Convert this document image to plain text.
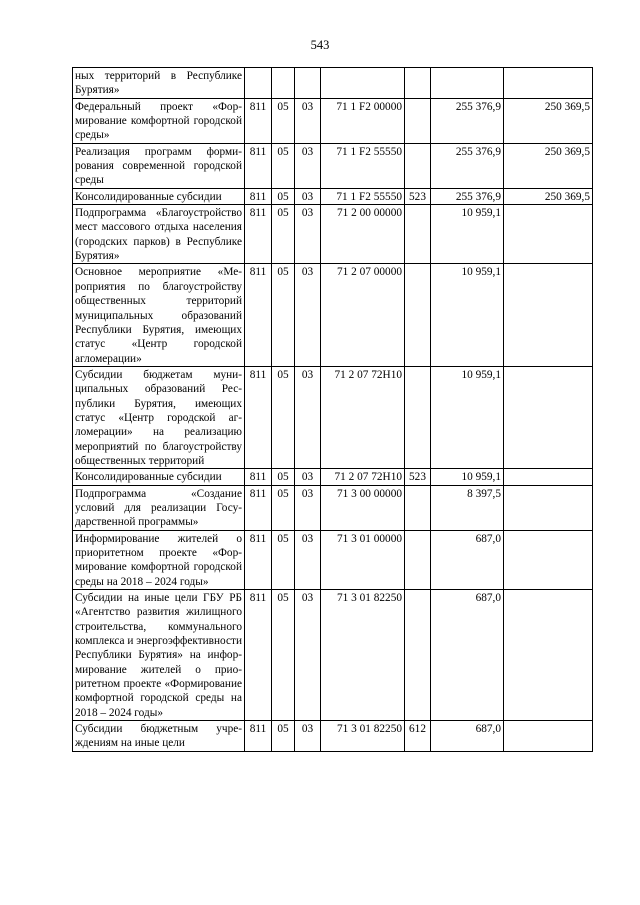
543
ных территорий в Республике Бурятия»							
Федеральный проект «Формирование комфортной городской среды»	811	05	03	71 1 F2 00000		255 376,9	250 369,5
Реализация программ формирования современной городской среды	811	05	03	71 1 F2 55550		255 376,9	250 369,5
Консолидированные субсидии	811	05	03	71 1 F2 55550	523	255 376,9	250 369,5
Подпрограмма «Благоустройство мест массового отдыха населения (городских парков) в Республике Бурятия»	811	05	03	71 2 00 00000		10 959,1	
Основное мероприятие «Мероприятия по благоустройству общественных территорий муниципальных образований Республики Бурятия, имеющих статус «Центр городской агломерации»	811	05	03	71 2 07 00000		10 959,1	
Субсидии бюджетам муниципальных образований Республики Бурятия, имеющих статус «Центр городской агломерации» на реализацию мероприятий по благоустройству общественных территорий	811	05	03	71 2 07 72Н10		10 959,1	
Консолидированные субсидии	811	05	03	71 2 07 72Н10	523	10 959,1	
Подпрограмма «Создание условий для реализации Государственной программы»	811	05	03	71 3 00 00000		8 397,5	
Информирование жителей о приоритетном проекте «Формирование комфортной городской среды на 2018 – 2024 годы»	811	05	03	71 3 01 00000		687,0	
Субсидии на иные цели ГБУ РБ «Агентство развития жилищного строительства, коммунального комплекса и энергоэффективности Республики Бурятия» на информирование жителей о приоритетном проекте «Формирование комфортной городской среды на 2018 – 2024 годы»	811	05	03	71 3 01 82250		687,0	
Субсидии бюджетным учреждениям на иные цели	811	05	03	71 3 01 82250	612	687,0	
